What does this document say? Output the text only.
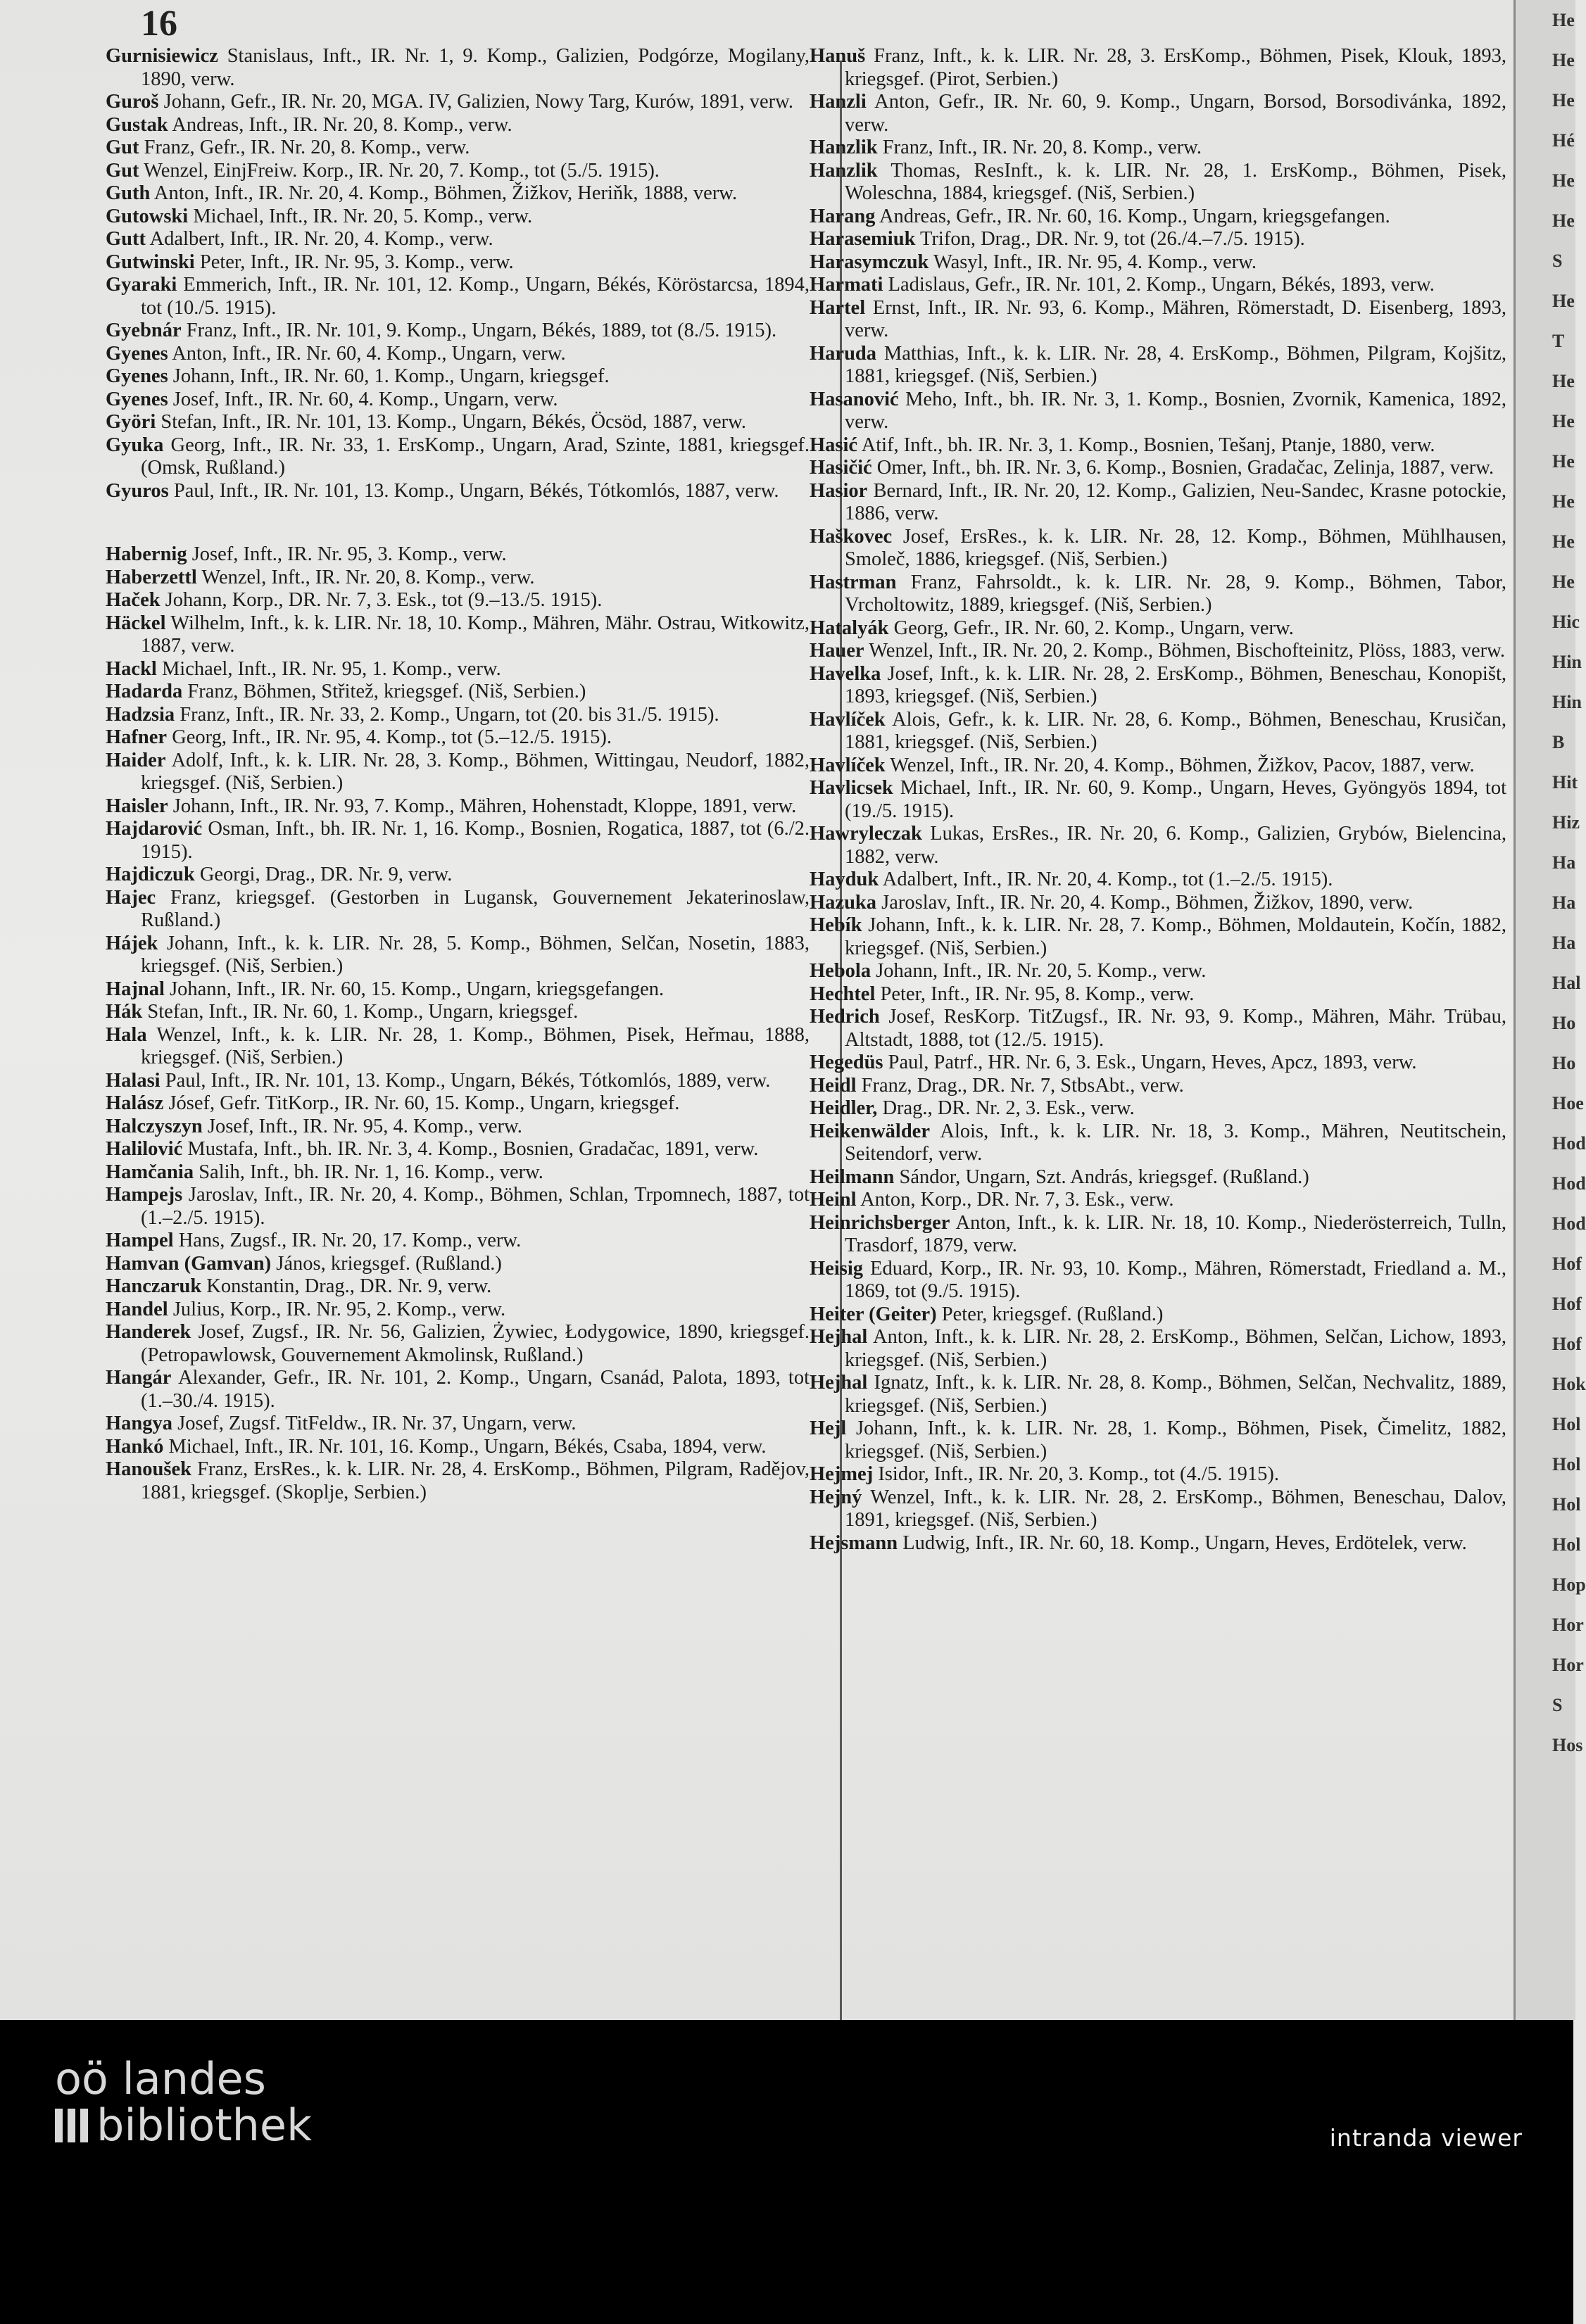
16

Gurnisiewicz Stanislaus, Inft., IR. Nr. 1, 9. Komp., Galizien, Podgórze, Mogilany, 1890, verw.

Guroš Johann, Gefr., IR. Nr. 20, MGA. IV, Galizien, Nowy Targ, Kurów, 1891, verw.

Gustak Andreas, Inft., IR. Nr. 20, 8. Komp., verw.

Gut Franz, Gefr., IR. Nr. 20, 8. Komp., verw.

Gut Wenzel, EinjFreiw. Korp., IR. Nr. 20, 7. Komp., tot (5./5. 1915).

Guth Anton, Inft., IR. Nr. 20, 4. Komp., Böhmen, Žižkov, Heriňk, 1888, verw.

Gutowski Michael, Inft., IR. Nr. 20, 5. Komp., verw.

Gutt Adalbert, Inft., IR. Nr. 20, 4. Komp., verw.

Gutwinski Peter, Inft., IR. Nr. 95, 3. Komp., verw.

Gyaraki Emmerich, Inft., IR. Nr. 101, 12. Komp., Ungarn, Békés, Köröstarcsa, 1894, tot (10./5. 1915).

Gyebnár Franz, Inft., IR. Nr. 101, 9. Komp., Ungarn, Békés, 1889, tot (8./5. 1915).

Gyenes Anton, Inft., IR. Nr. 60, 4. Komp., Ungarn, verw.

Gyenes Johann, Inft., IR. Nr. 60, 1. Komp., Ungarn, kriegsgef.

Gyenes Josef, Inft., IR. Nr. 60, 4. Komp., Ungarn, verw.

Györi Stefan, Inft., IR. Nr. 101, 13. Komp., Ungarn, Békés, Öcsöd, 1887, verw.

Gyuka Georg, Inft., IR. Nr. 33, 1. ErsKomp., Ungarn, Arad, Szinte, 1881, kriegsgef. (Omsk, Rußland.)

Gyuros Paul, Inft., IR. Nr. 101, 13. Komp., Ungarn, Békés, Tótkomlós, 1887, verw.

Habernig Josef, Inft., IR. Nr. 95, 3. Komp., verw.

Haberzettl Wenzel, Inft., IR. Nr. 20, 8. Komp., verw.

Haček Johann, Korp., DR. Nr. 7, 3. Esk., tot (9.–13./5. 1915).

Häckel Wilhelm, Inft., k. k. LIR. Nr. 18, 10. Komp., Mähren, Mähr. Ostrau, Witkowitz, 1887, verw.

Hackl Michael, Inft., IR. Nr. 95, 1. Komp., verw.

Hadarda Franz, Böhmen, Střitež, kriegsgef. (Niš, Serbien.)

Hadzsia Franz, Inft., IR. Nr. 33, 2. Komp., Ungarn, tot (20. bis 31./5. 1915).

Hafner Georg, Inft., IR. Nr. 95, 4. Komp., tot (5.–12./5. 1915).

Haider Adolf, Inft., k. k. LIR. Nr. 28, 3. Komp., Böhmen, Wittingau, Neudorf, 1882, kriegsgef. (Niš, Serbien.)

Haisler Johann, Inft., IR. Nr. 93, 7. Komp., Mähren, Hohenstadt, Kloppe, 1891, verw.

Hajdarović Osman, Inft., bh. IR. Nr. 1, 16. Komp., Bosnien, Rogatica, 1887, tot (6./2. 1915).

Hajdiczuk Georgi, Drag., DR. Nr. 9, verw.

Hajec Franz, kriegsgef. (Gestorben in Lugansk, Gouvernement Jekaterinoslaw, Rußland.)

Hájek Johann, Inft., k. k. LIR. Nr. 28, 5. Komp., Böhmen, Selčan, Nosetin, 1883, kriegsgef. (Niš, Serbien.)

Hajnal Johann, Inft., IR. Nr. 60, 15. Komp., Ungarn, kriegsgefangen.

Hák Stefan, Inft., IR. Nr. 60, 1. Komp., Ungarn, kriegsgef.

Hala Wenzel, Inft., k. k. LIR. Nr. 28, 1. Komp., Böhmen, Pisek, Heřmau, 1888, kriegsgef. (Niš, Serbien.)

Halasi Paul, Inft., IR. Nr. 101, 13. Komp., Ungarn, Békés, Tótkomlós, 1889, verw.

Halász Jósef, Gefr. TitKorp., IR. Nr. 60, 15. Komp., Ungarn, kriegsgef.

Halczyszyn Josef, Inft., IR. Nr. 95, 4. Komp., verw.

Halilović Mustafa, Inft., bh. IR. Nr. 3, 4. Komp., Bosnien, Gradačac, 1891, verw.

Hamčania Salih, Inft., bh. IR. Nr. 1, 16. Komp., verw.

Hampejs Jaroslav, Inft., IR. Nr. 20, 4. Komp., Böhmen, Schlan, Trpomnech, 1887, tot (1.–2./5. 1915).

Hampel Hans, Zugsf., IR. Nr. 20, 17. Komp., verw.

Hamvan (Gamvan) János, kriegsgef. (Rußland.)

Hanczaruk Konstantin, Drag., DR. Nr. 9, verw.

Handel Julius, Korp., IR. Nr. 95, 2. Komp., verw.

Handerek Josef, Zugsf., IR. Nr. 56, Galizien, Żywiec, Łodygowice, 1890, kriegsgef. (Petropawlowsk, Gouvernement Akmolinsk, Rußland.)

Hangár Alexander, Gefr., IR. Nr. 101, 2. Komp., Ungarn, Csanád, Palota, 1893, tot (1.–30./4. 1915).

Hangya Josef, Zugsf. TitFeldw., IR. Nr. 37, Ungarn, verw.

Hankó Michael, Inft., IR. Nr. 101, 16. Komp., Ungarn, Békés, Csaba, 1894, verw.

Hanoušek Franz, ErsRes., k. k. LIR. Nr. 28, 4. ErsKomp., Böhmen, Pilgram, Radějov, 1881, kriegsgef. (Skoplje, Serbien.)

Hanuš Franz, Inft., k. k. LIR. Nr. 28, 3. ErsKomp., Böhmen, Pisek, Klouk, 1893, kriegsgef. (Pirot, Serbien.)

Hanzli Anton, Gefr., IR. Nr. 60, 9. Komp., Ungarn, Borsod, Borsodivánka, 1892, verw.

Hanzlik Franz, Inft., IR. Nr. 20, 8. Komp., verw.

Hanzlik Thomas, ResInft., k. k. LIR. Nr. 28, 1. ErsKomp., Böhmen, Pisek, Woleschna, 1884, kriegsgef. (Niš, Serbien.)

Harang Andreas, Gefr., IR. Nr. 60, 16. Komp., Ungarn, kriegsgefangen.

Harasemiuk Trifon, Drag., DR. Nr. 9, tot (26./4.–7./5. 1915).

Harasymczuk Wasyl, Inft., IR. Nr. 95, 4. Komp., verw.

Harmati Ladislaus, Gefr., IR. Nr. 101, 2. Komp., Ungarn, Békés, 1893, verw.

Hartel Ernst, Inft., IR. Nr. 93, 6. Komp., Mähren, Römerstadt, D. Eisenberg, 1893, verw.

Haruda Matthias, Inft., k. k. LIR. Nr. 28, 4. ErsKomp., Böhmen, Pilgram, Kojšitz, 1881, kriegsgef. (Niš, Serbien.)

Hasanović Meho, Inft., bh. IR. Nr. 3, 1. Komp., Bosnien, Zvornik, Kamenica, 1892, verw.

Hasić Atif, Inft., bh. IR. Nr. 3, 1. Komp., Bosnien, Tešanj, Ptanje, 1880, verw.

Hasičić Omer, Inft., bh. IR. Nr. 3, 6. Komp., Bosnien, Gradačac, Zelinja, 1887, verw.

Hasior Bernard, Inft., IR. Nr. 20, 12. Komp., Galizien, Neu-Sandec, Krasne potockie, 1886, verw.

Haškovec Josef, ErsRes., k. k. LIR. Nr. 28, 12. Komp., Böhmen, Mühlhausen, Smoleč, 1886, kriegsgef. (Niš, Serbien.)

Hastrman Franz, Fahrsoldt., k. k. LIR. Nr. 28, 9. Komp., Böhmen, Tabor, Vrcholtowitz, 1889, kriegsgef. (Niš, Serbien.)

Hatalyák Georg, Gefr., IR. Nr. 60, 2. Komp., Ungarn, verw.

Hauer Wenzel, Inft., IR. Nr. 20, 2. Komp., Böhmen, Bischofteinitz, Plöss, 1883, verw.

Havelka Josef, Inft., k. k. LIR. Nr. 28, 2. ErsKomp., Böhmen, Beneschau, Konopišt, 1893, kriegsgef. (Niš, Serbien.)

Havlíček Alois, Gefr., k. k. LIR. Nr. 28, 6. Komp., Böhmen, Beneschau, Krusičan, 1881, kriegsgef. (Niš, Serbien.)

Havlíček Wenzel, Inft., IR. Nr. 20, 4. Komp., Böhmen, Žižkov, Pacov, 1887, verw.

Havlicsek Michael, Inft., IR. Nr. 60, 9. Komp., Ungarn, Heves, Gyöngyös 1894, tot (19./5. 1915).

Hawryleczak Lukas, ErsRes., IR. Nr. 20, 6. Komp., Galizien, Grybów, Bielencina, 1882, verw.

Hayduk Adalbert, Inft., IR. Nr. 20, 4. Komp., tot (1.–2./5. 1915).

Hazuka Jaroslav, Inft., IR. Nr. 20, 4. Komp., Böhmen, Žižkov, 1890, verw.

Hebík Johann, Inft., k. k. LIR. Nr. 28, 7. Komp., Böhmen, Moldautein, Kočín, 1882, kriegsgef. (Niš, Serbien.)

Hebola Johann, Inft., IR. Nr. 20, 5. Komp., verw.

Hechtel Peter, Inft., IR. Nr. 95, 8. Komp., verw.

Hedrich Josef, ResKorp. TitZugsf., IR. Nr. 93, 9. Komp., Mähren, Mähr. Trübau, Altstadt, 1888, tot (12./5. 1915).

Hegedüs Paul, Patrf., HR. Nr. 6, 3. Esk., Ungarn, Heves, Apcz, 1893, verw.

Heidl Franz, Drag., DR. Nr. 7, StbsAbt., verw.

Heidler, Drag., DR. Nr. 2, 3. Esk., verw.

Heikenwälder Alois, Inft., k. k. LIR. Nr. 18, 3. Komp., Mähren, Neutitschein, Seitendorf, verw.

Heilmann Sándor, Ungarn, Szt. András, kriegsgef. (Rußland.)

Heinl Anton, Korp., DR. Nr. 7, 3. Esk., verw.

Heinrichsberger Anton, Inft., k. k. LIR. Nr. 18, 10. Komp., Niederösterreich, Tulln, Trasdorf, 1879, verw.

Heisig Eduard, Korp., IR. Nr. 93, 10. Komp., Mähren, Römerstadt, Friedland a. M., 1869, tot (9./5. 1915).

Heiter (Geiter) Peter, kriegsgef. (Rußland.)

Hejhal Anton, Inft., k. k. LIR. Nr. 28, 2. ErsKomp., Böhmen, Selčan, Lichow, 1893, kriegsgef. (Niš, Serbien.)

Hejhal Ignatz, Inft., k. k. LIR. Nr. 28, 8. Komp., Böhmen, Selčan, Nechvalitz, 1889, kriegsgef. (Niš, Serbien.)

Hejl Johann, Inft., k. k. LIR. Nr. 28, 1. Komp., Böhmen, Pisek, Čimelitz, 1882, kriegsgef. (Niš, Serbien.)

Hejmej Isidor, Inft., IR. Nr. 20, 3. Komp., tot (4./5. 1915).

Hejný Wenzel, Inft., k. k. LIR. Nr. 28, 2. ErsKomp., Böhmen, Beneschau, Dalov, 1891, kriegsgef. (Niš, Serbien.)

Hejsmann Ludwig, Inft., IR. Nr. 60, 18. Komp., Ungarn, Heves, Erdötelek, verw.

He
He
He
Hé
He
He
S
He
T
He
He
He
He
He
He
Hic
Hin
Hin
B
Hit
Hiz
Ha
Ha
Ha
Hal
Ho
Ho
Hoe
Hod
Hod
Hod
Hof
Hof
Hof
Hok
Hol
Hol
Hol
Hol
Hop
Hor
Hor
S
Hos
oö landes
bibliothek	intranda viewer
